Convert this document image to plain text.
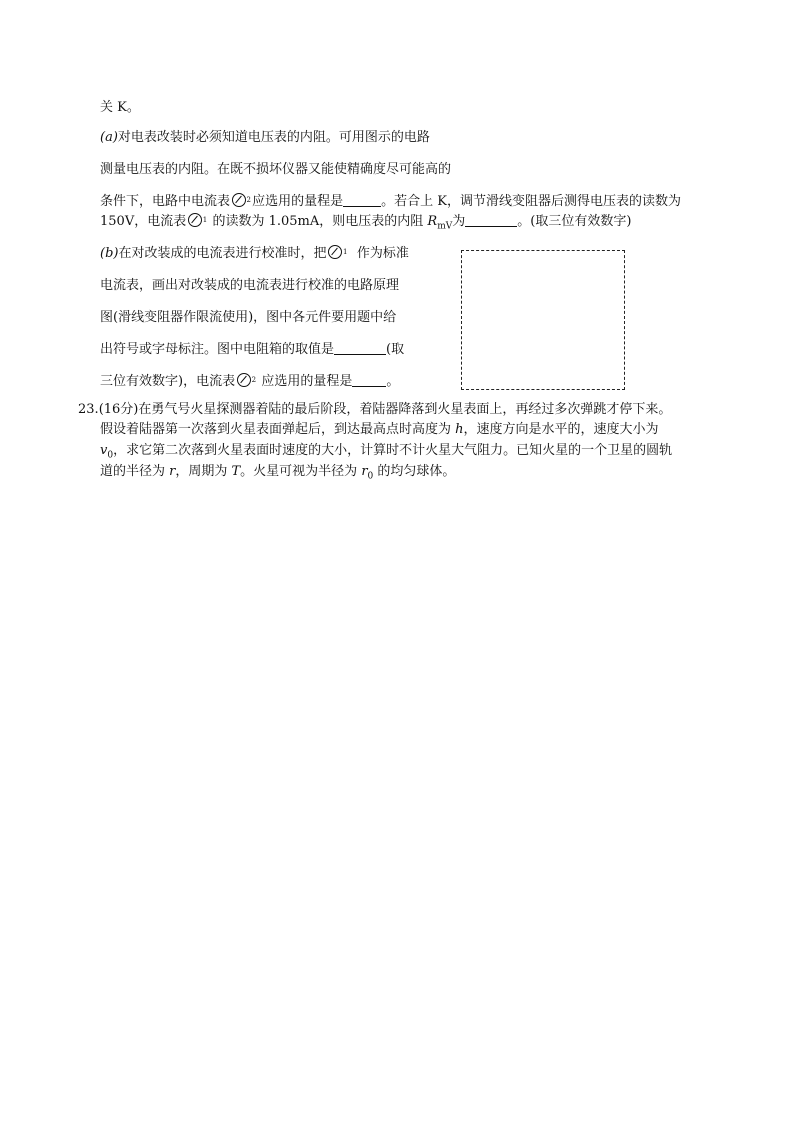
关 K。
(a)对电表改装时必须知道电压表的内阻。可用图示的电路
测量电压表的内阻。在既不损坏仪器又能使精确度尽可能高的
条件下，电路中电流表 2 应选用的量程是	。若合上 K，调节滑线变阻器后测得电压表的读数为
150V，电流表 1 的读数为 1.05mA，则电压表的内阻 $R_{mV}$为	。(取三位有效数字)
(b)在对改装成的电流表进行校准时，把 1 作为标准
电流表，画出对改装成的电流表进行校准的电路原理
图(滑线变阻器作限流使用)，图中各元件要用题中给
出符号或字母标注。图中电阻箱的取值是	(取
三位有效数字)，电流表 2 应选用的量程是	。
23.(16分)在勇气号火星探测器着陆的最后阶段，着陆器降落到火星表面上，再经过多次弹跳才停下来。
假设着陆器第一次落到火星表面弹起后，到达最高点时高度为 h，速度方向是水平的，速度大小为
$v_0$，求它第二次落到火星表面时速度的大小，计算时不计火星大气阻力。已知火星的一个卫星的圆轨
道的半径为 r，周期为 T。火星可视为半径为 $r_0$ 的均匀球体。
